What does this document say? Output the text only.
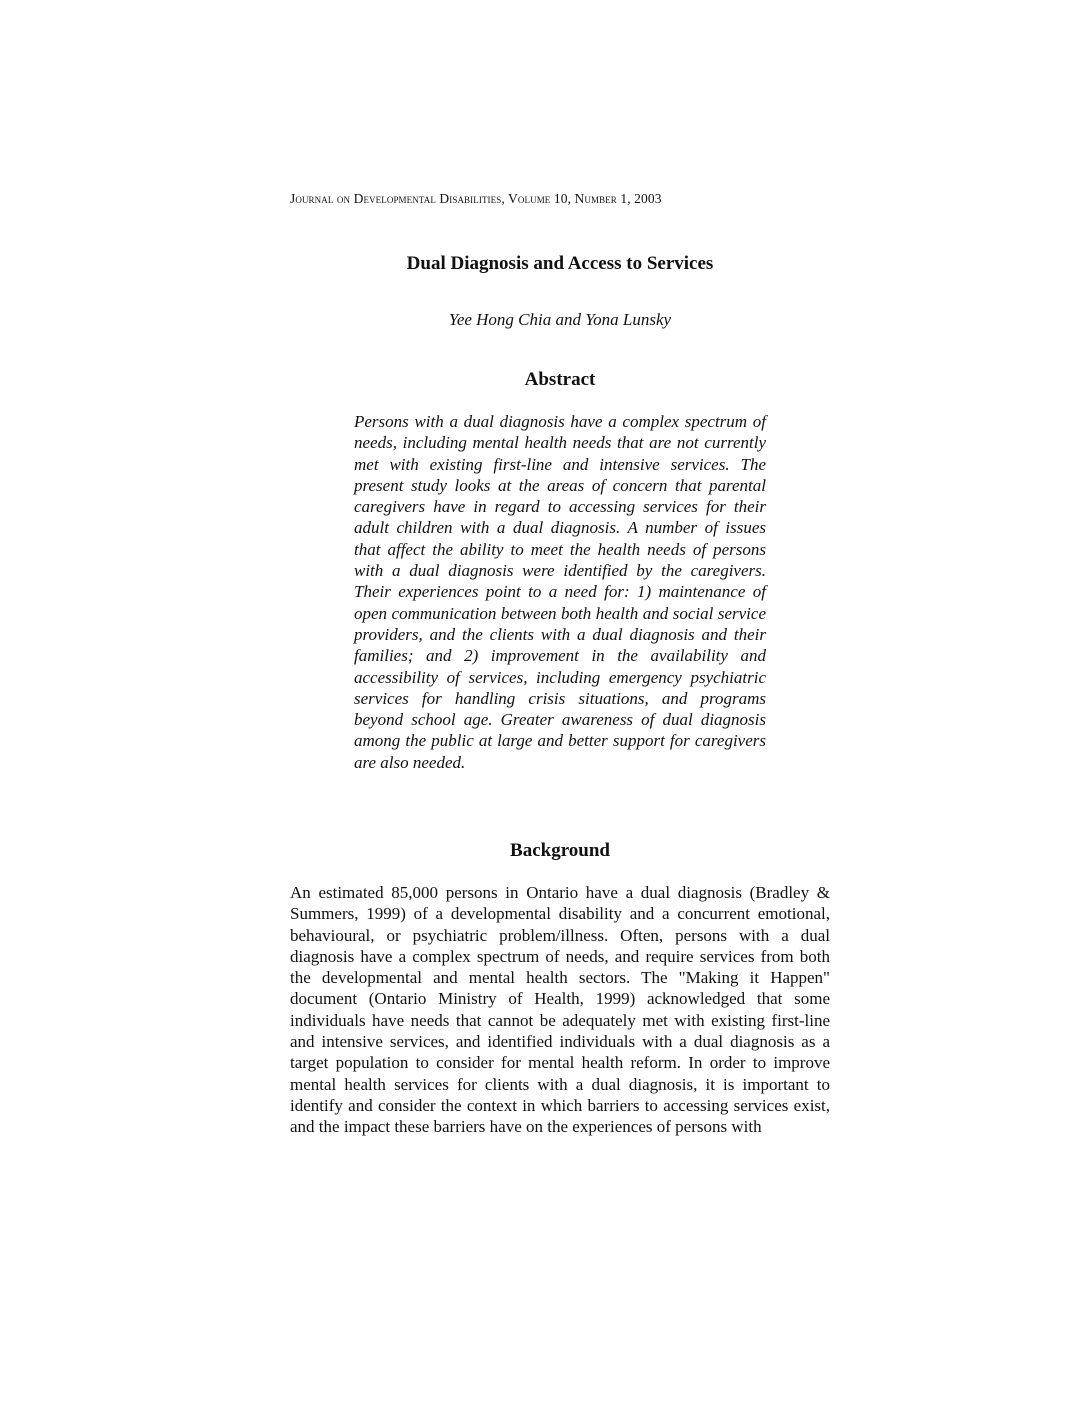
Journal on Developmental Disabilities, Volume 10, Number 1, 2003
Dual Diagnosis and Access to Services
Yee Hong Chia and Yona Lunsky
Abstract

Persons with a dual diagnosis have a complex spectrum of needs, including mental health needs that are not currently met with existing first-line and intensive services. The present study looks at the areas of concern that parental caregivers have in regard to accessing services for their adult children with a dual diagnosis. A number of issues that affect the ability to meet the health needs of persons with a dual diagnosis were identified by the caregivers. Their experiences point to a need for: 1) maintenance of open communication between both health and social service providers, and the clients with a dual diagnosis and their families; and 2) improvement in the availability and accessibility of services, including emergency psychiatric services for handling crisis situations, and programs beyond school age. Greater awareness of dual diagnosis among the public at large and better support for caregivers are also needed.

Background

An estimated 85,000 persons in Ontario have a dual diagnosis (Bradley & Summers, 1999) of a developmental disability and a concurrent emotional, behavioural, or psychiatric problem/illness. Often, persons with a dual diagnosis have a complex spectrum of needs, and require services from both the developmental and mental health sectors. The "Making it Happen" document (Ontario Ministry of Health, 1999) acknowledged that some individuals have needs that cannot be adequately met with existing first-line and intensive services, and identified individuals with a dual diagnosis as a target population to consider for mental health reform. In order to improve mental health services for clients with a dual diagnosis, it is important to identify and consider the context in which barriers to accessing services exist, and the impact these barriers have on the experiences of persons with
